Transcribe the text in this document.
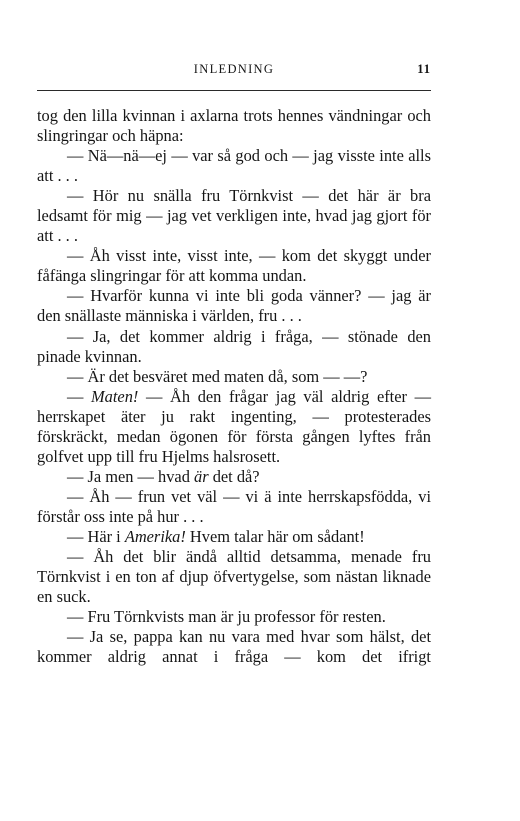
INLEDNING	11

tog den lilla kvinnan i axlarna trots hennes vändningar och slingringar och häpna:

— Nä—nä—ej — var så god och — jag visste inte alls att . . .

— Hör nu snälla fru Törnkvist — det här är bra ledsamt för mig — jag vet verkligen inte, hvad jag gjort för att . . .

— Åh visst inte, visst inte, — kom det skyggt under fåfänga slingringar för att komma undan.

— Hvarför kunna vi inte bli goda vänner? — jag är den snällaste människa i världen, fru . . .

— Ja, det kommer aldrig i fråga, — stönade den pinade kvinnan.

— Är det besväret med maten då, som — —?

— Maten! — Åh den frågar jag väl aldrig efter — herrskapet äter ju rakt ingenting, — protesterades förskräckt, medan ögonen för första gången lyftes från golfvet upp till fru Hjelms halsrosett.

— Ja men — hvad är det då?

— Åh — frun vet väl — vi ä inte herrskapsfödda, vi förstår oss inte på hur . . .

— Här i Amerika! Hvem talar här om sådant!

— Åh det blir ändå alltid detsamma, menade fru Törnkvist i en ton af djup öfvertygelse, som nästan liknade en suck.

— Fru Törnkvists man är ju professor för resten.

— Ja se, pappa kan nu vara med hvar som hälst, det kommer aldrig annat i fråga — kom det ifrigt
